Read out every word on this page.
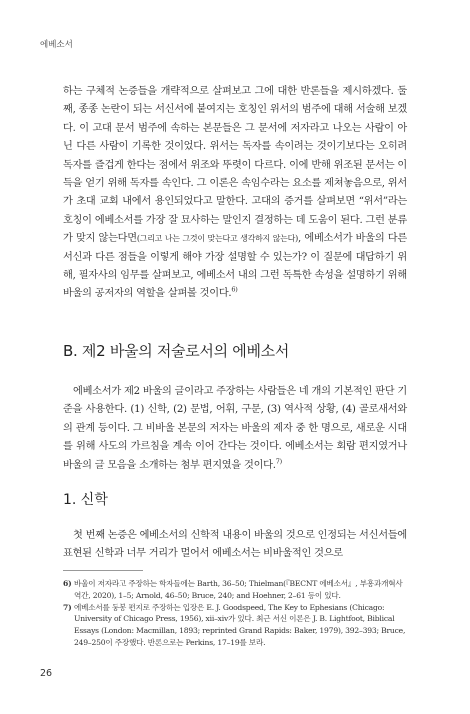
에베소서

하는 구체적 논증들을 개략적으로 살펴보고 그에 대한 반론들을 제시하겠다. 둘째, 종종 논란이 되는 서신서에 붙여지는 호칭인 위서의 범주에 대해 서술해 보겠다. 이 고대 문서 범주에 속하는 본문들은 그 문서에 저자라고 나오는 사람이 아닌 다른 사람이 기록한 것이었다. 위서는 독자를 속이려는 것이기보다는 오히려 독자를 즐겁게 한다는 점에서 위조와 뚜렷이 다르다. 이에 반해 위조된 문서는 이득을 얻기 위해 독자를 속인다. 그 이론은 속임수라는 요소를 제쳐놓음으로, 위서가 초대 교회 내에서 용인되었다고 말한다. 고대의 증거를 살펴보면 “위서”라는 호칭이 에베소서를 가장 잘 묘사하는 말인지 결정하는 데 도움이 된다. 그런 분류가 맞지 않는다면(그리고 나는 그것이 맞는다고 생각하지 않는다), 에베소서가 바울의 다른 서신과 다른 점들을 이렇게 해야 가장 설명할 수 있는가? 이 질문에 대답하기 위해, 필자사의 임무를 살펴보고, 에베소서 내의 그런 독특한 속성을 설명하기 위해 바울의 공저자의 역할을 살펴볼 것이다.$^{6)}$

B. 제2 바울의 저술로서의 에베소서

에베소서가 제2 바울의 글이라고 주장하는 사람들은 네 개의 기본적인 판단 기준을 사용한다. (1) 신학, (2) 문법, 어휘, 구문, (3) 역사적 상황, (4) 골로새서와의 관계 등이다. 그 비바울 본문의 저자는 바울의 제자 중 한 명으로, 새로운 시대를 위해 사도의 가르침을 계속 이어 간다는 것이다. 에베소서는 회람 편지였거나 바울의 글 모음을 소개하는 첨부 편지였을 것이다.$^{7)}$

1. 신학

첫 번째 논증은 에베소서의 신학적 내용이 바울의 것으로 인정되는 서신서들에 표현된 신학과 너무 거리가 멀어서 에베소서는 비바울적인 것으로

6) 바울이 저자라고 주장하는 학자들에는 Barth, 36–50; Thielman(『BECNT 에베소서』, 부흥과개혁사 역간, 2020), 1–5; Arnold, 46–50; Bruce, 240; and Hoehner, 2–61 등이 있다.
7) 에베소서를 둥봉 편지로 주장하는 입장은 E. J. Goodspeed, The Key to Ephesians (Chicago: University of Chicago Press, 1956), xii–xiv가 있다. 최근 서신 이론은 J. B. Lightfoot, Biblical Essays (London: Macmillan, 1893; reprinted Grand Rapids: Baker, 1979), 392–393; Bruce, 249–250이 주장했다. 반론으로는 Perkins, 17–19를 보라.
26
